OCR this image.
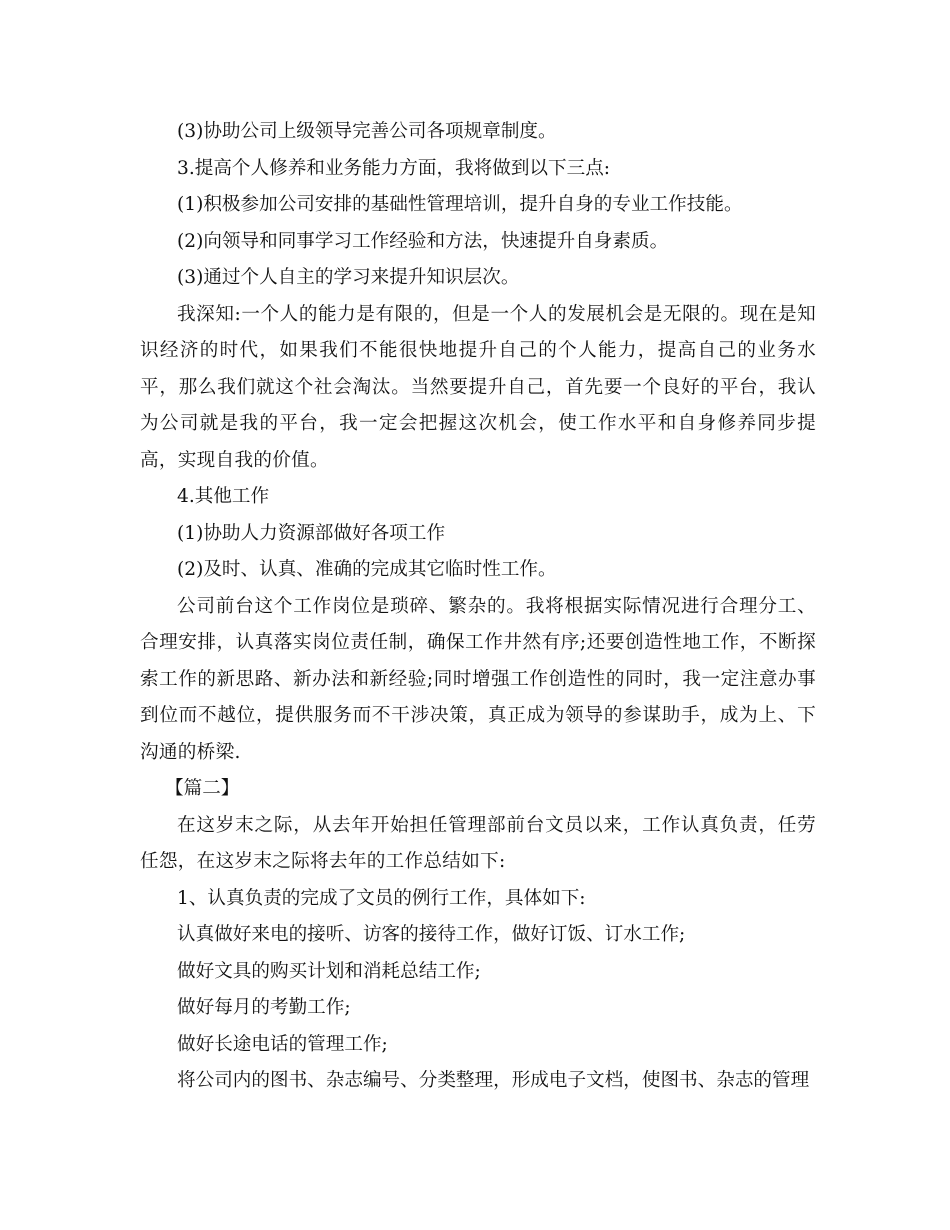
(3)协助公司上级领导完善公司各项规章制度。

3.提高个人修养和业务能力方面，我将做到以下三点:

(1)积极参加公司安排的基础性管理培训，提升自身的专业工作技能。

(2)向领导和同事学习工作经验和方法，快速提升自身素质。

(3)通过个人自主的学习来提升知识层次。

我深知:一个人的能力是有限的，但是一个人的发展机会是无限的。现在是知识经济的时代，如果我们不能很快地提升自己的个人能力，提高自己的业务水平，那么我们就这个社会淘汰。当然要提升自己，首先要一个良好的平台，我认为公司就是我的平台，我一定会把握这次机会，使工作水平和自身修养同步提高，实现自我的价值。

4.其他工作

(1)协助人力资源部做好各项工作

(2)及时、认真、准确的完成其它临时性工作。

公司前台这个工作岗位是琐碎、繁杂的。我将根据实际情况进行合理分工、合理安排，认真落实岗位责任制，确保工作井然有序;还要创造性地工作，不断探索工作的新思路、新办法和新经验;同时增强工作创造性的同时，我一定注意办事到位而不越位，提供服务而不干涉决策，真正成为领导的参谋助手，成为上、下沟通的桥梁.

【篇二】

在这岁末之际，从去年开始担任管理部前台文员以来，工作认真负责，任劳任怨，在这岁末之际将去年的工作总结如下:

1、认真负责的完成了文员的例行工作，具体如下:

认真做好来电的接听、访客的接待工作，做好订饭、订水工作;

做好文具的购买计划和消耗总结工作;

做好每月的考勤工作;

做好长途电话的管理工作;

将公司内的图书、杂志编号、分类整理，形成电子文档，使图书、杂志的管理
